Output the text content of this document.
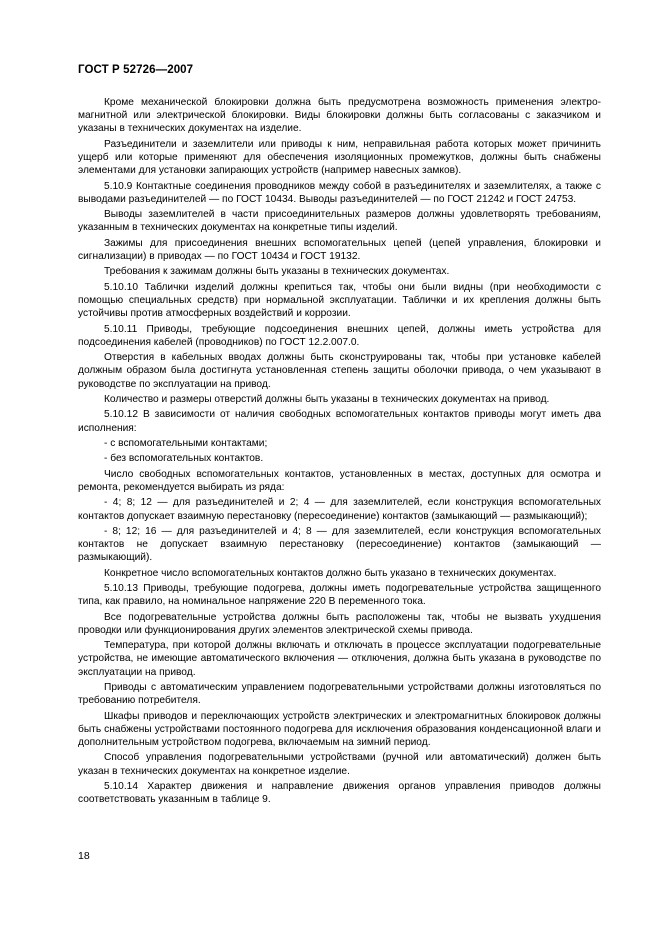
ГОСТ Р 52726—2007

Кроме механической блокировки должна быть предусмотрена возможность применения электро-магнитной или электрической блокировки. Виды блокировки должны быть согласованы с заказчиком и указаны в технических документах на изделие.

Разъединители и заземлители или приводы к ним, неправильная работа которых может причинить ущерб или которые применяют для обеспечения изоляционных промежутков, должны быть снабжены элементами для установки запирающих устройств (например навесных замков).

5.10.9 Контактные соединения проводников между собой в разъединителях и заземлителях, а также с выводами разъединителей — по ГОСТ 10434. Выводы разъединителей — по ГОСТ 21242 и ГОСТ 24753.

Выводы заземлителей в части присоединительных размеров должны удовлетворять требованиям, указанным в технических документах на конкретные типы изделий.

Зажимы для присоединения внешних вспомогательных цепей (цепей управления, блокировки и сигнализации) в приводах — по ГОСТ 10434 и ГОСТ 19132.

Требования к зажимам должны быть указаны в технических документах.

5.10.10 Таблички изделий должны крепиться так, чтобы они были видны (при необходимости с помощью специальных средств) при нормальной эксплуатации. Таблички и их крепления должны быть устойчивы против атмосферных воздействий и коррозии.

5.10.11 Приводы, требующие подсоединения внешних цепей, должны иметь устройства для подсоединения кабелей (проводников) по ГОСТ 12.2.007.0.

Отверстия в кабельных вводах должны быть сконструированы так, чтобы при установке кабелей должным образом была достигнута установленная степень защиты оболочки привода, о чем указывают в руководстве по эксплуатации на привод.

Количество и размеры отверстий должны быть указаны в технических документах на привод.

5.10.12 В зависимости от наличия свободных вспомогательных контактов приводы могут иметь два исполнения:

- с вспомогательными контактами;

- без вспомогательных контактов.

Число свободных вспомогательных контактов, установленных в местах, доступных для осмотра и ремонта, рекомендуется выбирать из ряда:

- 4; 8; 12 — для разъединителей и 2; 4 — для заземлителей, если конструкция вспомогательных контактов допускает взаимную перестановку (пересоединение) контактов (замыкающий — размыкающий);

- 8; 12; 16 — для разъединителей и 4; 8 — для заземлителей, если конструкция вспомогательных контактов не допускает взаимную перестановку (пересоединение) контактов (замыкающий — размыкающий).

Конкретное число вспомогательных контактов должно быть указано в технических документах.

5.10.13 Приводы, требующие подогрева, должны иметь подогревательные устройства защищенного типа, как правило, на номинальное напряжение 220 В переменного тока.

Все подогревательные устройства должны быть расположены так, чтобы не вызвать ухудшения проводки или функционирования других элементов электрической схемы привода.

Температура, при которой должны включать и отключать в процессе эксплуатации подогревательные устройства, не имеющие автоматического включения — отключения, должна быть указана в руководстве по эксплуатации на привод.

Приводы с автоматическим управлением подогревательными устройствами должны изготовляться по требованию потребителя.

Шкафы приводов и переключающих устройств электрических и электромагнитных блокировок должны быть снабжены устройствами постоянного подогрева для исключения образования конденсационной влаги и дополнительным устройством подогрева, включаемым на зимний период.

Способ управления подогревательными устройствами (ручной или автоматический) должен быть указан в технических документах на конкретное изделие.

5.10.14 Характер движения и направление движения органов управления приводов должны соответствовать указанным в таблице 9.

18
